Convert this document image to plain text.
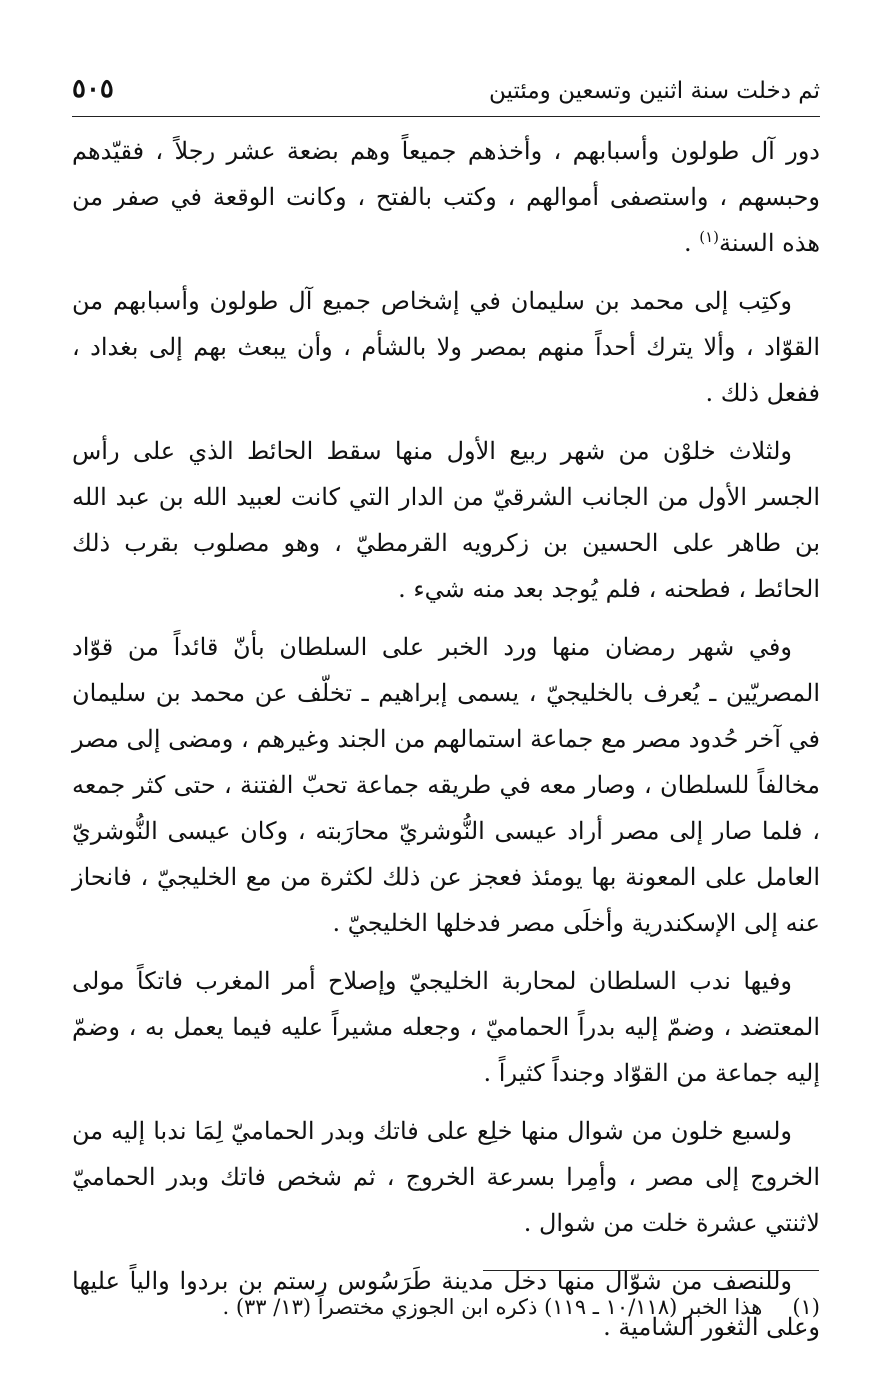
ثم دخلت سنة اثنين وتسعين ومئتين
٥٠٥

دور آل طولون وأسبابهم ، وأخذهم جميعاً وهم بضعة عشر رجلاً ، فقيّدهم وحبسهم ، واستصفى أموالهم ، وكتب بالفتح ، وكانت الوقعة في صفر من هذه السنة$^{(١)}$ .

وكتِب إلى محمد بن سليمان في إشخاص جميع آل طولون وأسبابهم من القوّاد ، وألا يترك أحداً منهم بمصر ولا بالشأم ، وأن يبعث بهم إلى بغداد ، ففعل ذلك .

ولثلاث خلوْن من شهر ربيع الأول منها سقط الحائط الذي على رأس الجسر الأول من الجانب الشرقيّ من الدار التي كانت لعبيد الله بن عبد الله بن طاهر على الحسين بن زكرويه القرمطيّ ، وهو مصلوب بقرب ذلك الحائط ، فطحنه ، فلم يُوجد بعد منه شيء .

وفي شهر رمضان منها ورد الخبر على السلطان بأنّ قائداً من قوّاد المصريّين ـ يُعرف بالخليجيّ ، يسمى إبراهيم ـ تخلّف عن محمد بن سليمان في آخر حُدود مصر مع جماعة استمالهم من الجند وغيرهم ، ومضى إلى مصر مخالفاً للسلطان ، وصار معه في طريقه جماعة تحبّ الفتنة ، حتى كثر جمعه ، فلما صار إلى مصر أراد عيسى النُّوشريّ محارَبته ، وكان عيسى النُّوشريّ العامل على المعونة بها يومئذ فعجز عن ذلك لكثرة من مع الخليجيّ ، فانحاز عنه إلى الإسكندرية وأخلَى مصر فدخلها الخليجيّ .

وفيها ندب السلطان لمحاربة الخليجيّ وإصلاح أمر المغرب فاتكاً مولى المعتضد ، وضمّ إليه بدراً الحماميّ ، وجعله مشيراً عليه فيما يعمل به ، وضمّ إليه جماعة من القوّاد وجنداً كثيراً .

ولسبع خلون من شوال منها خلِع على فاتك وبدر الحماميّ لِمَا ندبا إليه من الخروج إلى مصر ، وأمِرا بسرعة الخروج ، ثم شخص فاتك وبدر الحماميّ لاثنتي عشرة خلت من شوال .

وللنصف من شوّال منها دخل مدينة طَرَسُوس رستم بن بردوا والياً عليها وعلى الثغور الشامية .

(١)هذا الخبر (١٠/١١٨ ـ ١١٩) ذكره ابن الجوزي مختصراً (١٣/ ٣٣) .
